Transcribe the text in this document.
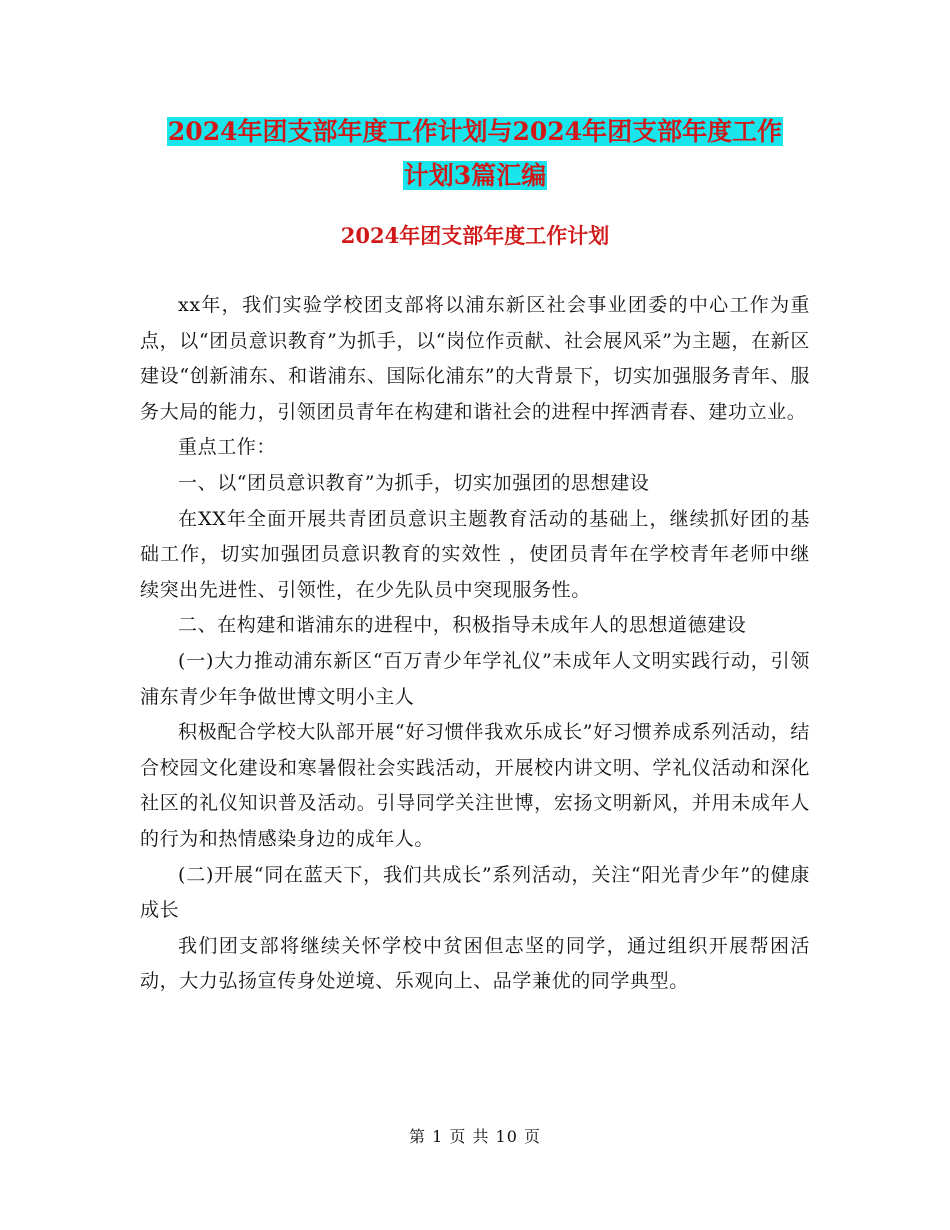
2024年团支部年度工作计划与2024年团支部年度工作
计划3篇汇编
2024年团支部年度工作计划

xx年，我们实验学校团支部将以浦东新区社会事业团委的中心工作为重点，以“团员意识教育”为抓手，以“岗位作贡献、社会展风采”为主题，在新区建设“创新浦东、和谐浦东、国际化浦东”的大背景下，切实加强服务青年、服务大局的能力，引领团员青年在构建和谐社会的进程中挥洒青春、建功立业。

重点工作：

一、以“团员意识教育”为抓手，切实加强团的思想建设

在XX年全面开展共青团员意识主题教育活动的基础上，继续抓好团的基础工作，切实加强团员意识教育的实效性 ，使团员青年在学校青年老师中继续突出先进性、引领性，在少先队员中突现服务性。

二、在构建和谐浦东的进程中，积极指导未成年人的思想道德建设

(一)大力推动浦东新区“百万青少年学礼仪”未成年人文明实践行动，引领浦东青少年争做世博文明小主人

积极配合学校大队部开展“好习惯伴我欢乐成长”好习惯养成系列活动，结合校园文化建设和寒暑假社会实践活动，开展校内讲文明、学礼仪活动和深化社区的礼仪知识普及活动。引导同学关注世博，宏扬文明新风，并用未成年人的行为和热情感染身边的成年人。

(二)开展“同在蓝天下，我们共成长”系列活动，关注“阳光青少年”的健康成长

我们团支部将继续关怀学校中贫困但志坚的同学，通过组织开展帮困活动，大力弘扬宣传身处逆境、乐观向上、品学兼优的同学典型。

第 1 页 共 10 页
